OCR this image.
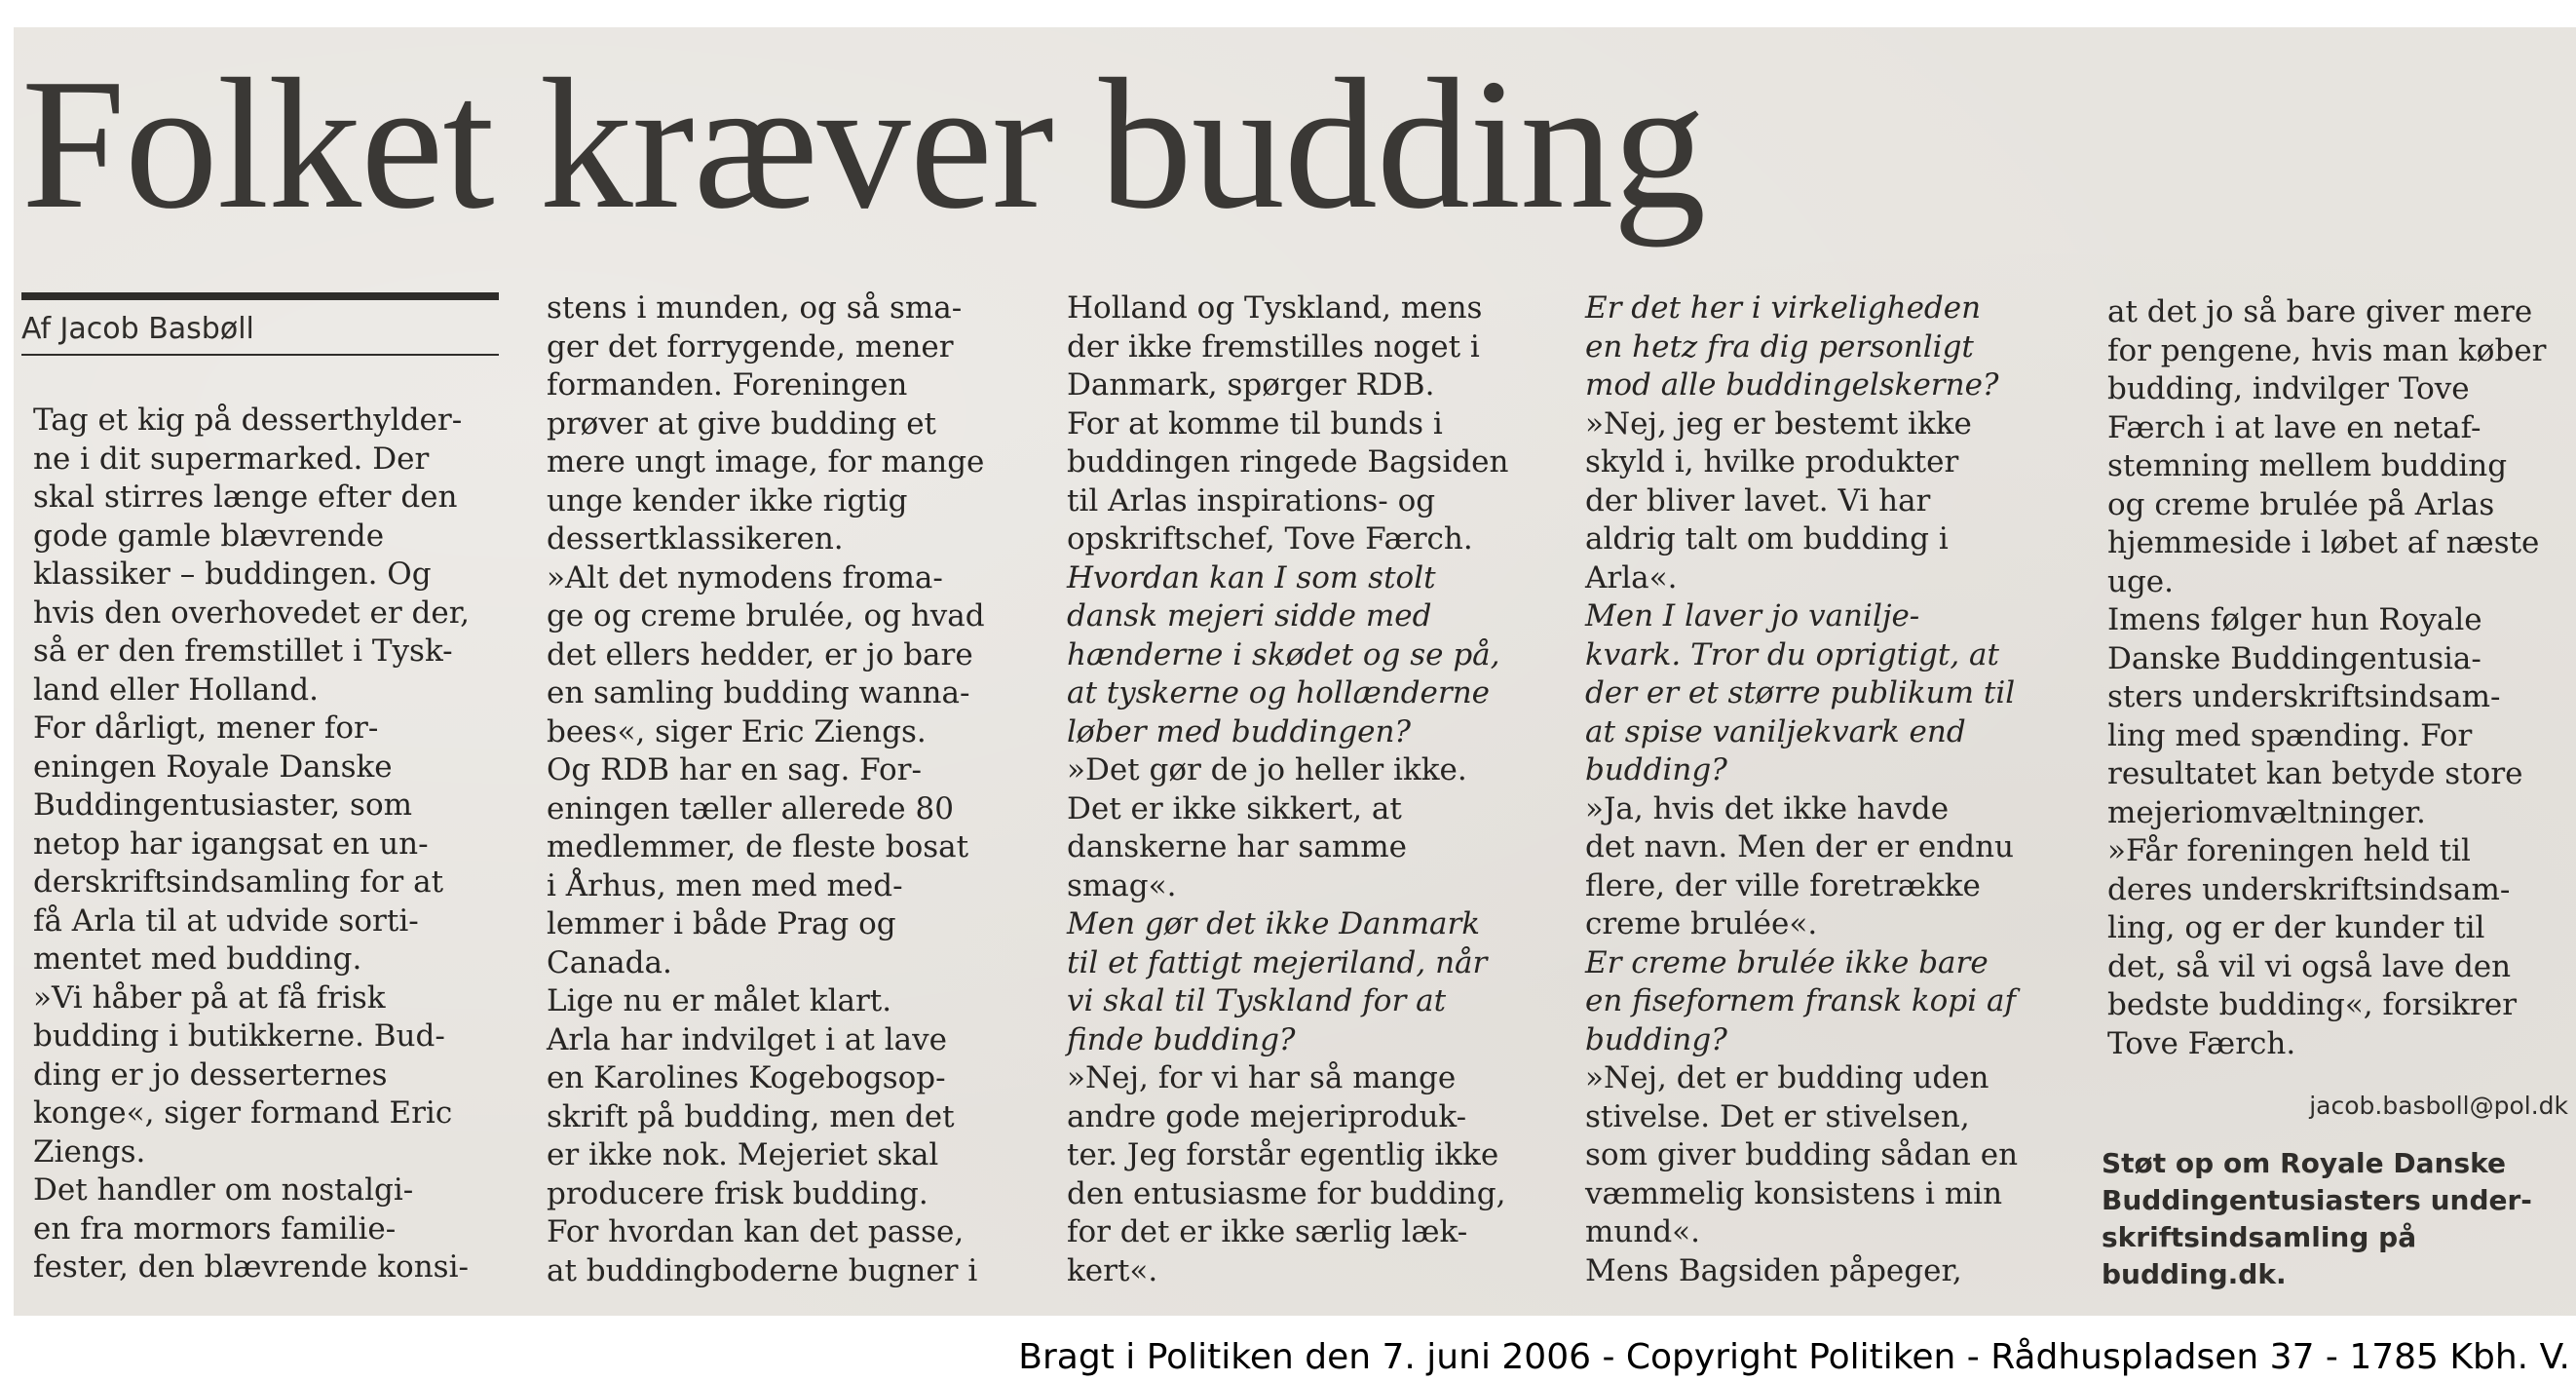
Folket kræver budding
Af Jacob Basbøll
Tag et kig på desserthylder-
ne i dit supermarked. Der
skal stirres længe efter den
gode gamle blævrende
klassiker – buddingen. Og
hvis den overhovedet er der,
så er den fremstillet i Tysk-
land eller Holland.
For dårligt, mener for-
eningen Royale Danske
Buddingentusiaster, som
netop har igangsat en un-
derskriftsindsamling for at
få Arla til at udvide sorti-
mentet med budding.
»Vi håber på at få frisk
budding i butikkerne. Bud-
ding er jo desserternes
konge«, siger formand Eric
Ziengs.
Det handler om nostalgi-
en fra mormors familie-
fester, den blævrende konsi-
stens i munden, og så sma-
ger det forrygende, mener
formanden. Foreningen
prøver at give budding et
mere ungt image, for mange
unge kender ikke rigtig
dessertklassikeren.
»Alt det nymodens froma-
ge og creme brulée, og hvad
det ellers hedder, er jo bare
en samling budding wanna-
bees«, siger Eric Ziengs.
Og RDB har en sag. For-
eningen tæller allerede 80
medlemmer, de fleste bosat
i Århus, men med med-
lemmer i både Prag og
Canada.
Lige nu er målet klart.
Arla har indvilget i at lave
en Karolines Kogebogsop-
skrift på budding, men det
er ikke nok. Mejeriet skal
producere frisk budding.
For hvordan kan det passe,
at buddingboderne bugner i
Holland og Tyskland, mens
der ikke fremstilles noget i
Danmark, spørger RDB.
For at komme til bunds i
buddingen ringede Bagsiden
til Arlas inspirations- og
opskriftschef, Tove Færch.
Hvordan kan I som stolt
dansk mejeri sidde med
hænderne i skødet og se på,
at tyskerne og hollænderne
løber med buddingen?
»Det gør de jo heller ikke.
Det er ikke sikkert, at
danskerne har samme
smag«.
Men gør det ikke Danmark
til et fattigt mejeriland, når
vi skal til Tyskland for at
finde budding?
»Nej, for vi har så mange
andre gode mejeriproduk-
ter. Jeg forstår egentlig ikke
den entusiasme for budding,
for det er ikke særlig læk-
kert«.
Er det her i virkeligheden
en hetz fra dig personligt
mod alle buddingelskerne?
»Nej, jeg er bestemt ikke
skyld i, hvilke produkter
der bliver lavet. Vi har
aldrig talt om budding i
Arla«.
Men I laver jo vanilje-
kvark. Tror du oprigtigt, at
der er et større publikum til
at spise vaniljekvark end
budding?
»Ja, hvis det ikke havde
det navn. Men der er endnu
flere, der ville foretrække
creme brulée«.
Er creme brulée ikke bare
en fisefornem fransk kopi af
budding?
»Nej, det er budding uden
stivelse. Det er stivelsen,
som giver budding sådan en
væmmelig konsistens i min
mund«.
Mens Bagsiden påpeger,
at det jo så bare giver mere
for pengene, hvis man køber
budding, indvilger Tove
Færch i at lave en netaf-
stemning mellem budding
og creme brulée på Arlas
hjemmeside i løbet af næste
uge.
Imens følger hun Royale
Danske Buddingentusia-
sters underskriftsindsam-
ling med spænding. For
resultatet kan betyde store
mejeriomvæltninger.
»Får foreningen held til
deres underskriftsindsam-
ling, og er der kunder til
det, så vil vi også lave den
bedste budding«, forsikrer
Tove Færch.
jacob.basboll@pol.dk
Støt op om Royale Danske
Buddingentusiasters under-
skriftsindsamling på
budding.dk.
Bragt i Politiken den 7. juni 2006 - Copyright Politiken - Rådhuspladsen 37 - 1785 Kbh. V.
